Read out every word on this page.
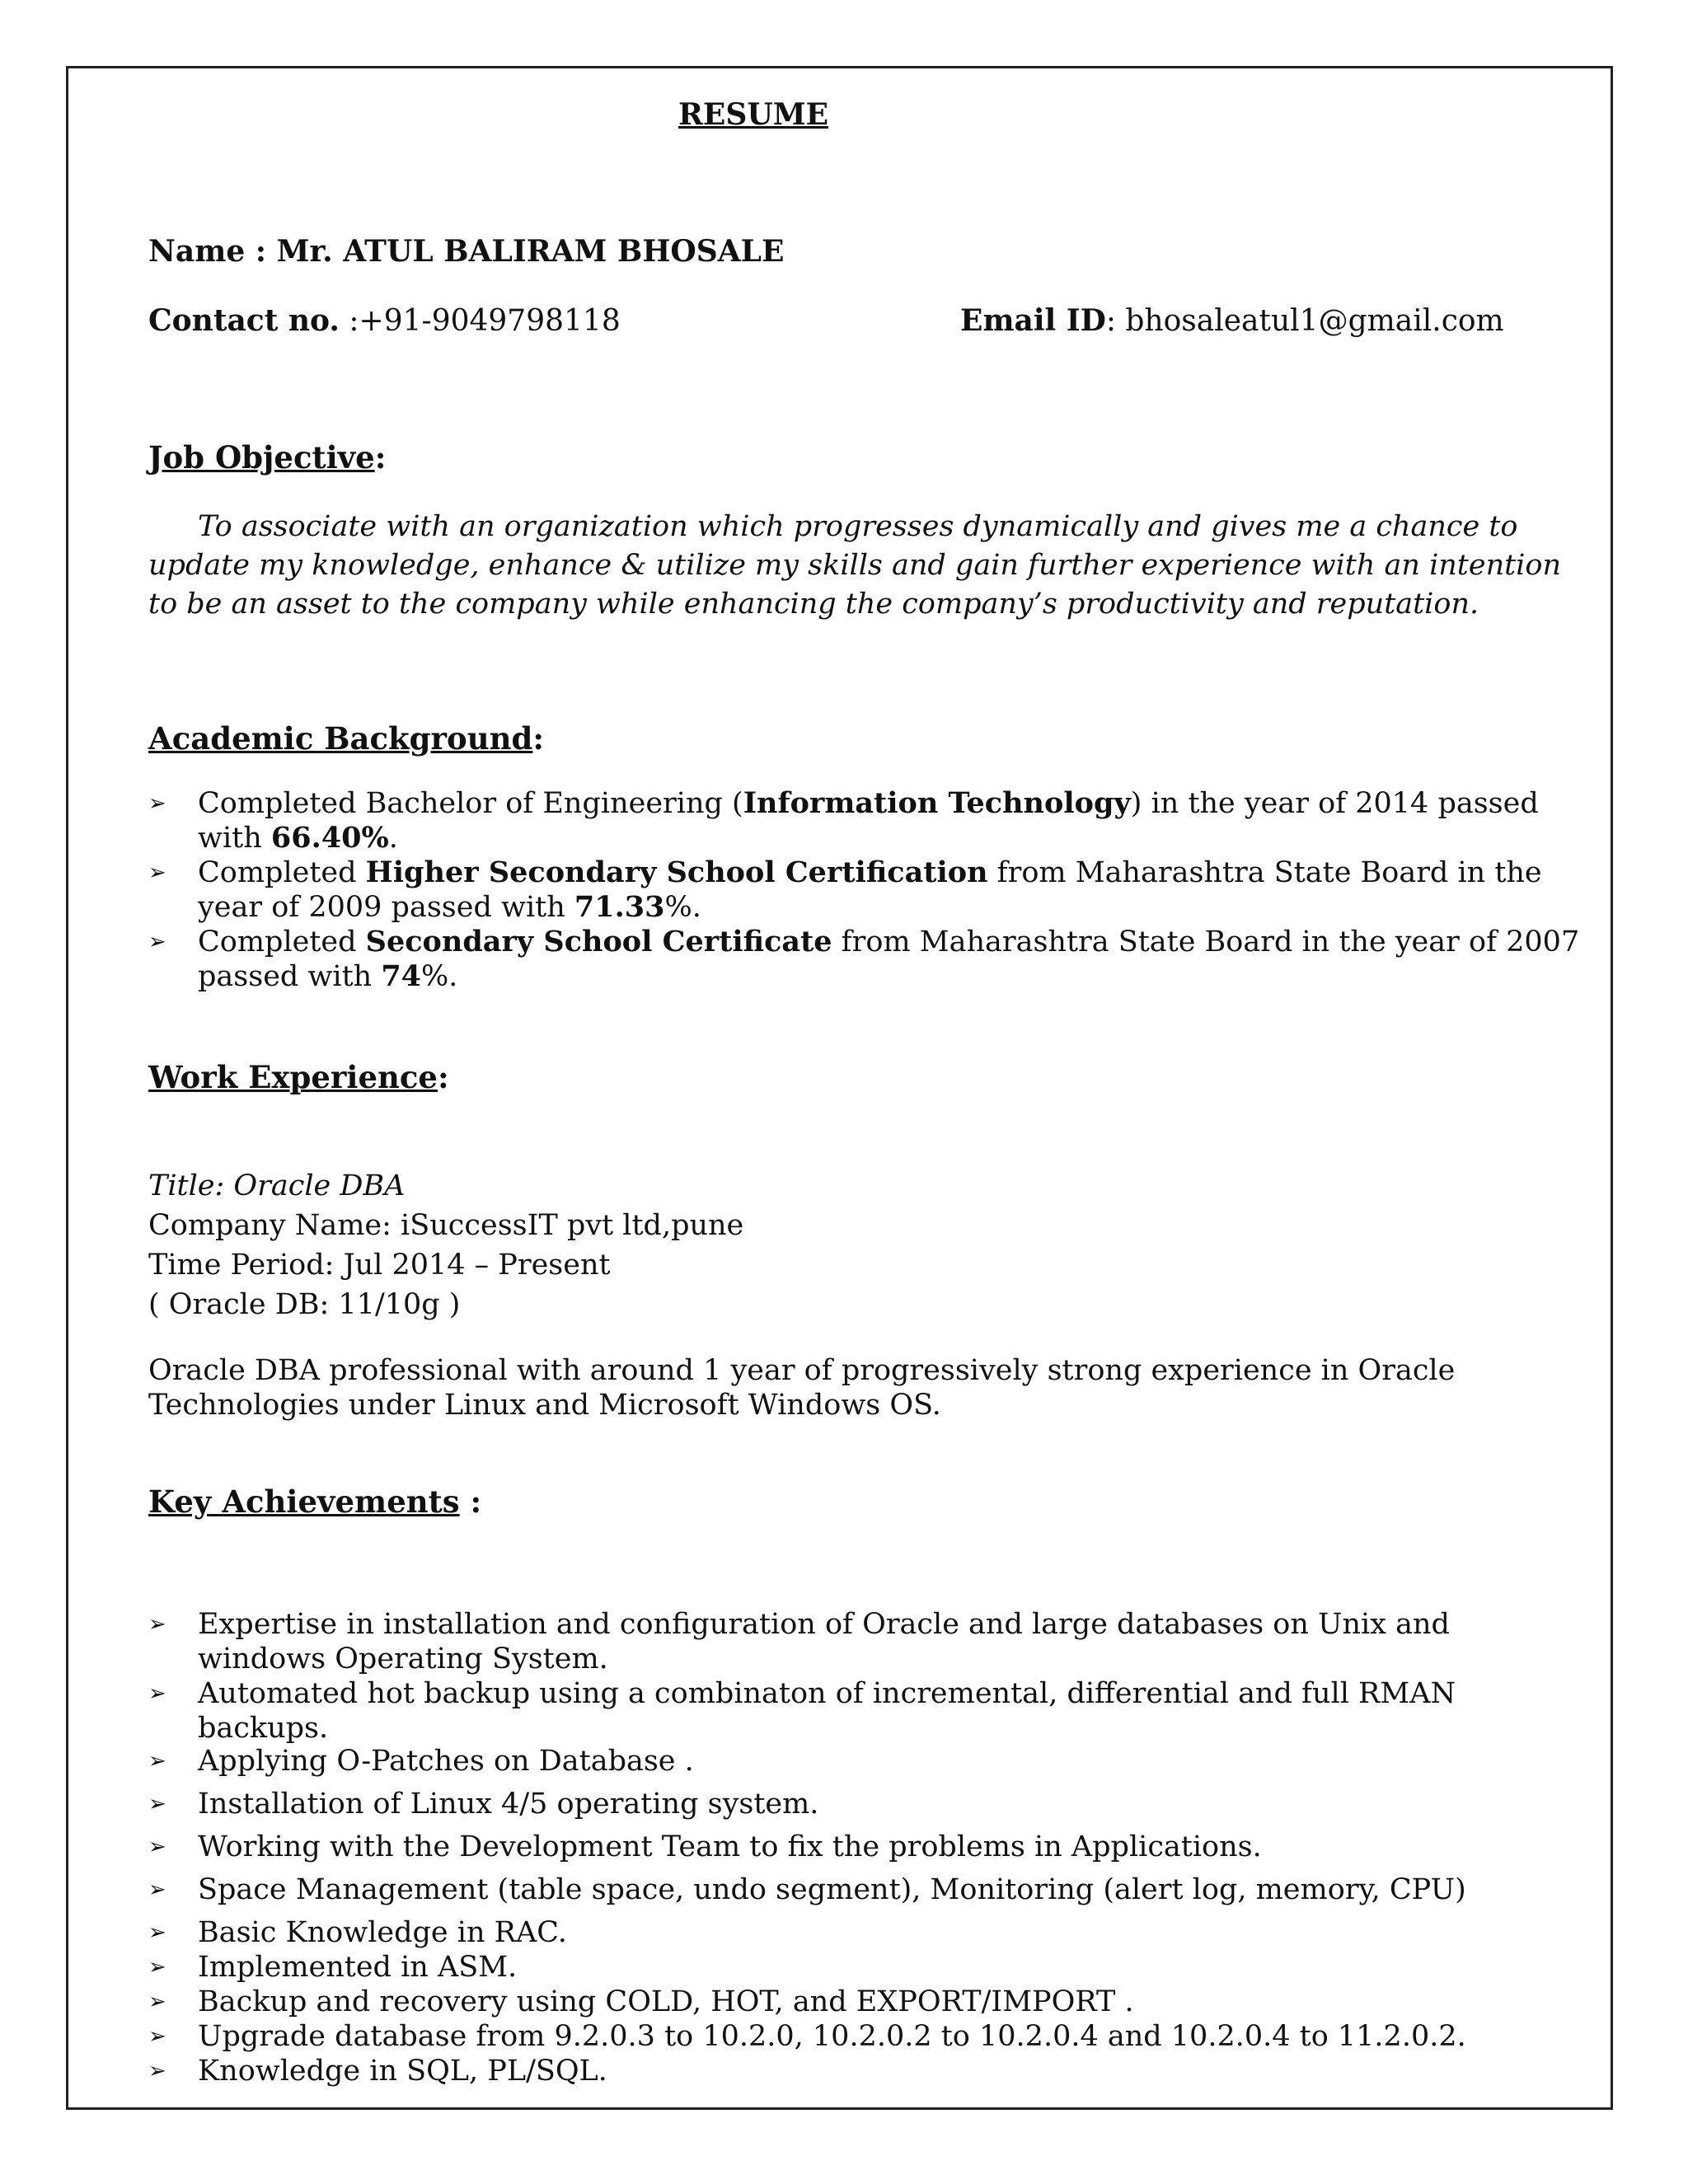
RESUME
Name : Mr. ATUL BALIRAM BHOSALE
Contact no. :+91-9049798118	Email ID: bhosaleatul1@gmail.com
Job Objective:
To associate with an organization which progresses dynamically and gives me a chance to update my knowledge, enhance & utilize my skills and gain further experience with an intention to be an asset to the company while enhancing the company’s productivity and reputation.
Academic Background:
➢ Completed Bachelor of Engineering (Information Technology) in the year of 2014 passed with 66.40%.
➢ Completed Higher Secondary School Certification from Maharashtra State Board in the year of 2009 passed with 71.33%.
➢ Completed Secondary School Certificate from Maharashtra State Board in the year of 2007 passed with 74%.
Work Experience:
Title: Oracle DBA
Company Name: iSuccessIT pvt ltd,pune
Time Period: Jul 2014 – Present
( Oracle DB: 11/10g )
Oracle DBA professional with around 1 year of progressively strong experience in Oracle Technologies under Linux and Microsoft Windows OS.
Key Achievements :
➢ Expertise in installation and configuration of Oracle and large databases on Unix and windows Operating System.
➢ Automated hot backup using a combinaton of incremental, differential and full RMAN backups.
➢ Applying O-Patches on Database .
➢ Installation of Linux 4/5 operating system.
➢ Working with the Development Team to fix the problems in Applications.
➢ Space Management (table space, undo segment), Monitoring (alert log, memory, CPU)
➢ Basic Knowledge in RAC.
➢ Implemented in ASM.
➢ Backup and recovery using COLD, HOT, and EXPORT/IMPORT .
➢ Upgrade database from 9.2.0.3 to 10.2.0, 10.2.0.2 to 10.2.0.4 and 10.2.0.4 to 11.2.0.2.
➢ Knowledge in SQL, PL/SQL.
